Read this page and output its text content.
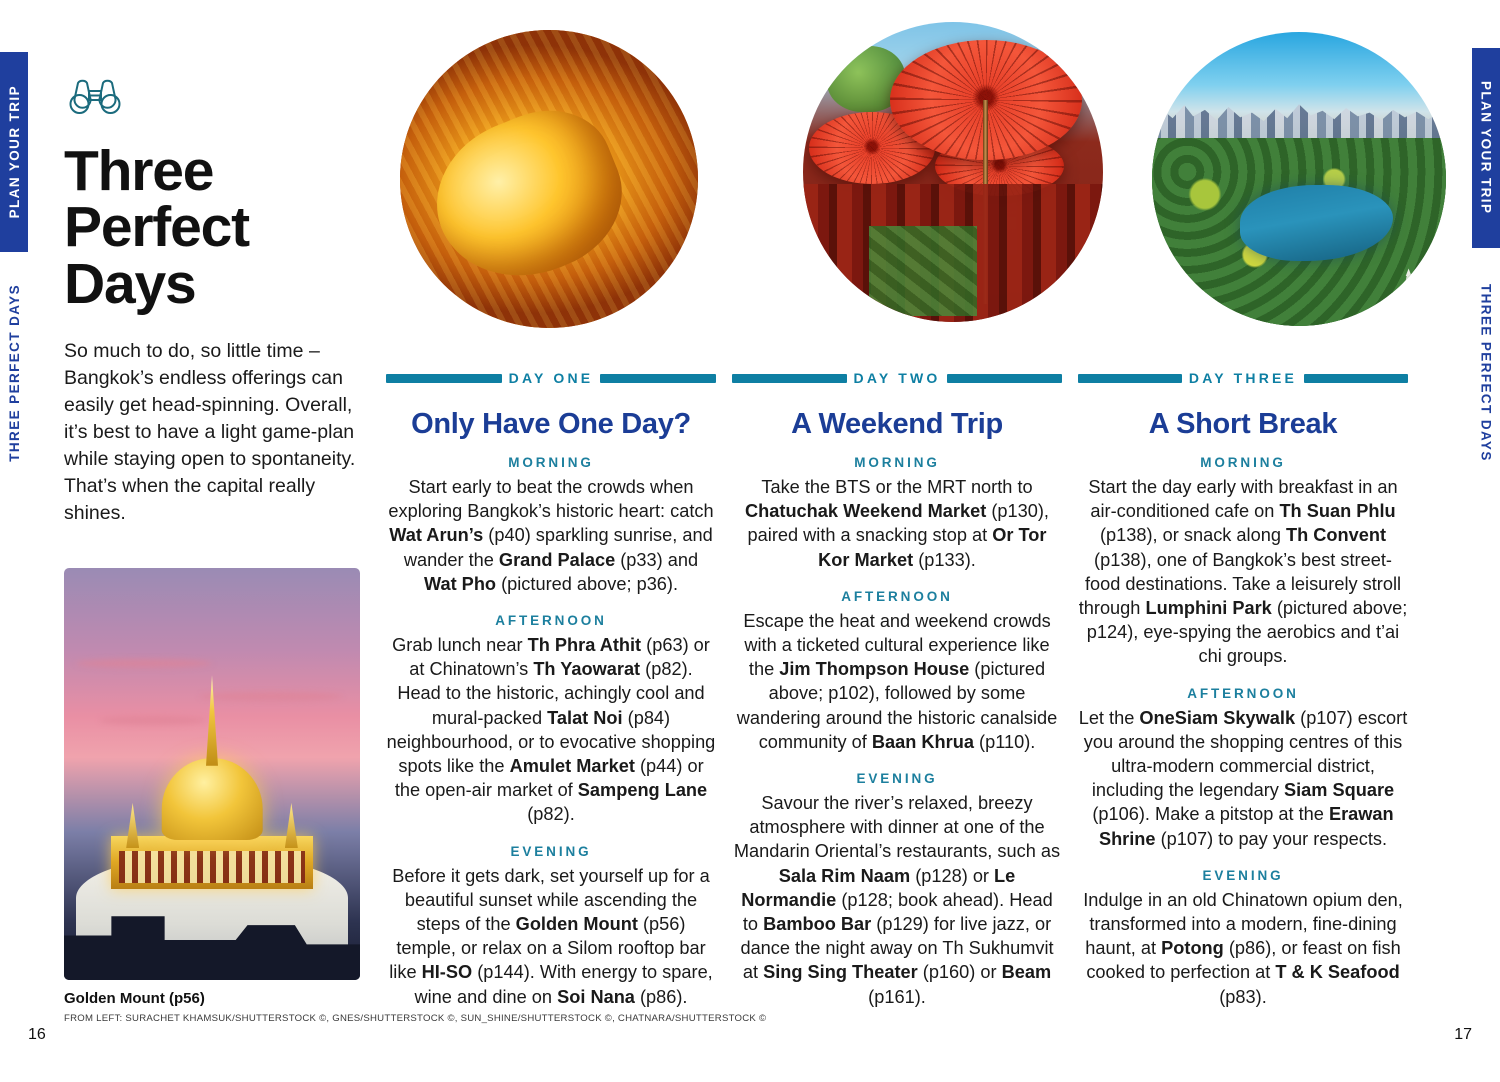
PLAN YOUR TRIP
THREE PERFECT DAYS
PLAN YOUR TRIP
THREE PERFECT DAYS
Three Perfect Days
So much to do, so little time – Bangkok’s endless offerings can easily get head-spinning. Overall, it’s best to have a light game-plan while staying open to spontaneity. That’s when the capital really shines.
Golden Mount (p56)
FROM LEFT: SURACHET KHAMSUK/SHUTTERSTOCK ©, GNES/SHUTTERSTOCK ©, SUN_SHINE/SHUTTERSTOCK ©, CHATNARA/SHUTTERSTOCK ©
16	17
DAY ONE
Only Have One Day?
MORNING
Start early to beat the crowds when exploring Bangkok’s historic heart: catch Wat Arun’s (p40) sparkling sunrise, and wander the Grand Palace (p33) and Wat Pho (pictured above; p36).
AFTERNOON
Grab lunch near Th Phra Athit (p63) or at Chinatown’s Th Yaowarat (p82). Head to the historic, achingly cool and mural-packed Talat Noi (p84) neighbourhood, or to evocative shopping spots like the Amulet Market (p44) or the open-air market of Sampeng Lane (p82).
EVENING
Before it gets dark, set yourself up for a beautiful sunset while ascending the steps of the Golden Mount (p56) temple, or relax on a Silom rooftop bar like HI-SO (p144). With energy to spare, wine and dine on Soi Nana (p86).
DAY TWO
A Weekend Trip
MORNING
Take the BTS or the MRT north to Chatuchak Weekend Market (p130), paired with a snacking stop at Or Tor Kor Market (p133).
AFTERNOON
Escape the heat and weekend crowds with a ticketed cultural experience like the Jim Thompson House (pictured above; p102), followed by some wandering around the historic canalside community of Baan Khrua (p110).
EVENING
Savour the river’s relaxed, breezy atmosphere with dinner at one of the Mandarin Oriental’s restaurants, such as Sala Rim Naam (p128) or Le Normandie (p128; book ahead). Head to Bamboo Bar (p129) for live jazz, or dance the night away on Th Sukhumvit at Sing Sing Theater (p160) or Beam (p161).
DAY THREE
A Short Break
MORNING
Start the day early with breakfast in an air-conditioned cafe on Th Suan Phlu (p138), or snack along Th Convent (p138), one of Bangkok’s best street-food destinations. Take a leisurely stroll through Lumphini Park (pictured above; p124), eye-spying the aerobics and t’ai chi groups.
AFTERNOON
Let the OneSiam Skywalk (p107) escort you around the shopping centres of this ultra-modern commercial district, including the legendary Siam Square (p106). Make a pitstop at the Erawan Shrine (p107) to pay your respects.
EVENING
Indulge in an old Chinatown opium den, transformed into a modern, fine-dining haunt, at Potong (p86), or feast on fish cooked to perfection at T & K Seafood (p83).
